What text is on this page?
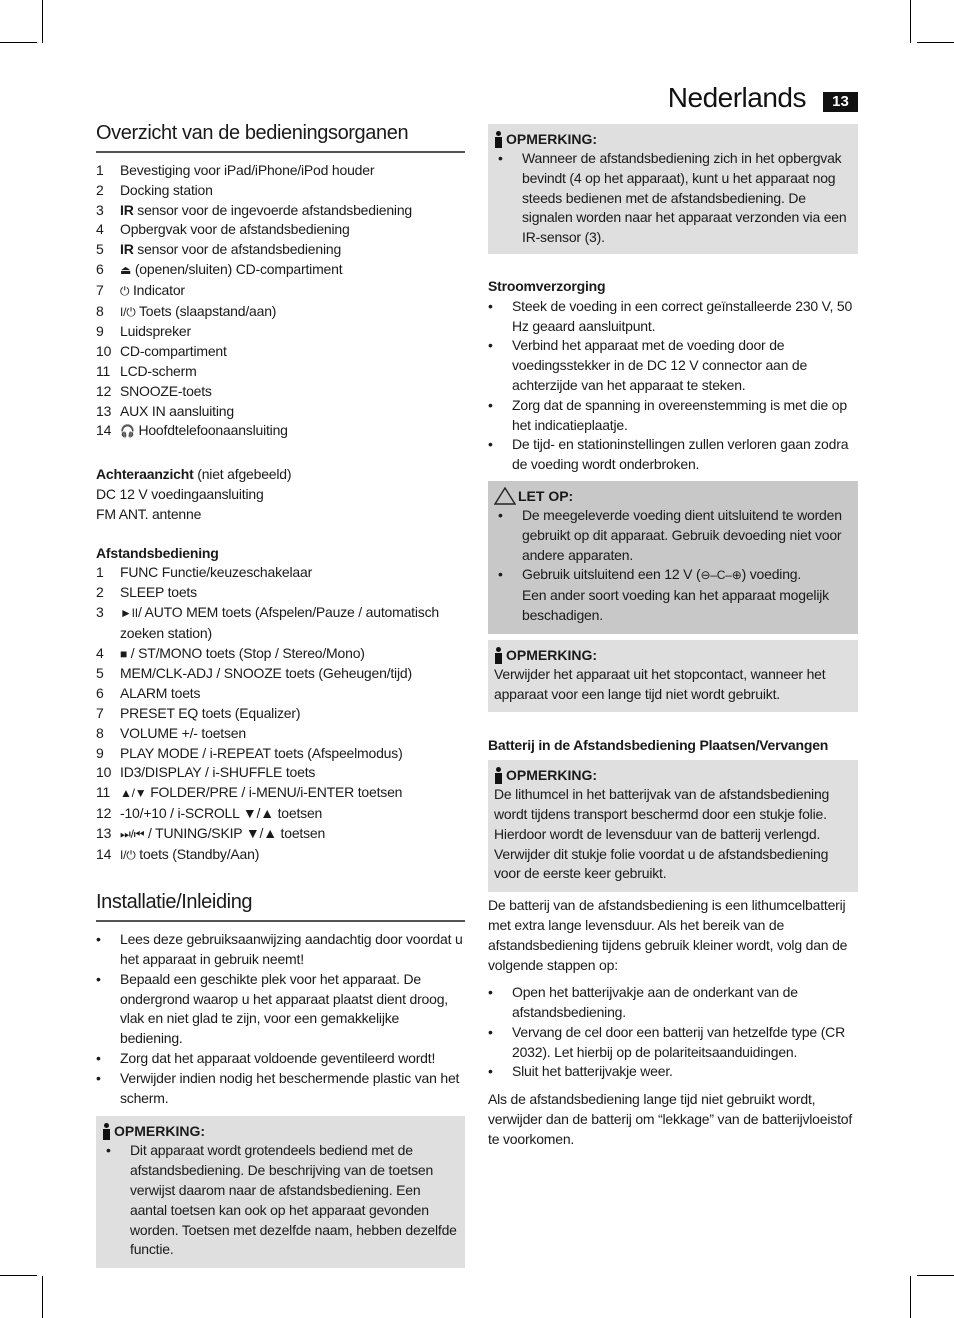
Nederlands	13
Overzicht van de bedieningsorganen
1	Bevestiging voor iPad/iPhone/iPod houder
2	Docking station
3	IR sensor voor de ingevoerde afstandsbediening
4	Opbergvak voor de afstandsbediening
5	IR sensor voor de afstandsbediening
6	⏏ (openen/sluiten) CD-compartiment
7	⏻ Indicator
8	I/⏻ Toets (slaapstand/aan)
9	Luidspreker
10 CD-compartiment
11 LCD-scherm
12 SNOOZE-toets
13 AUX IN aansluiting
14 🎧 Hoofdtelefoonaansluiting
Achteraanzicht (niet afgebeeld)
DC 12 V voedingaansluiting
FM ANT. antenne
Afstandsbediening
1	FUNC Functie/keuzeschakelaar
2	SLEEP toets
3	►II/ AUTO MEM toets (Afspelen/Pauze / automatisch zoeken station)
4	■ / ST/MONO toets (Stop / Stereo/Mono)
5	MEM/CLK-ADJ / SNOOZE toets (Geheugen/tijd)
6	ALARM toets
7	PRESET EQ toets (Equalizer)
8	VOLUME +/- toetsen
9	PLAY MODE / i-REPEAT toets (Afspeelmodus)
10 ID3/DISPLAY / i-SHUFFLE toets
11 ▲/▼ FOLDER/PRE / i-MENU/i-ENTER toetsen
12 -10/+10 / i-SCROLL ▼/▲ toetsen
13 ⏭/⏮ / TUNING/SKIP ▼/▲ toetsen
14 I/⏻ toets (Standby/Aan)
Installatie/Inleiding
•	Lees deze gebruiksaanwijzing aandachtig door voordat u het apparaat in gebruik neemt!
•	Bepaald een geschikte plek voor het apparaat. De ondergrond waarop u het apparaat plaatst dient droog, vlak en niet glad te zijn, voor een gemakkelijke bediening.
•	Zorg dat het apparaat voldoende geventileerd wordt!
•	Verwijder indien nodig het beschermende plastic van het scherm.
OPMERKING:
•	Dit apparaat wordt grotendeels bediend met de afstandsbediening. De beschrijving van de toetsen verwijst daarom naar de afstandsbediening. Een aantal toetsen kan ook op het apparaat gevonden worden. Toetsen met dezelfde naam, hebben dezelfde functie.
OPMERKING:
•	Wanneer de afstandsbediening zich in het opbergvak bevindt (4 op het apparaat), kunt u het apparaat nog steeds bedienen met de afstandsbediening. De signalen worden naar het apparaat verzonden via een IR-sensor (3).
Stroomverzorging
•	Steek de voeding in een correct geïnstalleerde 230 V, 50 Hz geaard aansluitpunt.
•	Verbind het apparaat met de voeding door de voedingsstekker in de DC 12 V connector aan de achterzijde van het apparaat te steken.
•	Zorg dat de spanning in overeenstemming is met die op het indicatieplaatje.
•	De tijd- en stationinstellingen zullen verloren gaan zodra de voeding wordt onderbroken.
LET OP:
•	De meegeleverde voeding dient uitsluitend te worden gebruikt op dit apparaat. Gebruik devoeding niet voor andere apparaten.
•	Gebruik uitsluitend een 12 V (⊖–C–⊕) voeding.
Een ander soort voeding kan het apparaat mogelijk beschadigen.
OPMERKING:
Verwijder het apparaat uit het stopcontact, wanneer het apparaat voor een lange tijd niet wordt gebruikt.
Batterij in de Afstandsbediening Plaatsen/Vervangen
OPMERKING:
De lithumcel in het batterijvak van de afstandsbediening wordt tijdens transport beschermd door een stukje folie. Hierdoor wordt de levensduur van de batterij verlengd. Verwijder dit stukje folie voordat u de afstandsbediening voor de eerste keer gebruikt.
De batterij van de afstandsbediening is een lithumcelbatterij met extra lange levensduur. Als het bereik van de afstandsbediening tijdens gebruik kleiner wordt, volg dan de volgende stappen op:
•	Open het batterijvakje aan de onderkant van de afstandsbediening.
•	Vervang de cel door een batterij van hetzelfde type (CR 2032). Let hierbij op de polariteitsaanduidingen.
•	Sluit het batterijvakje weer.
Als de afstandsbediening lange tijd niet gebruikt wordt, verwijder dan de batterij om “lekkage” van de batterijvloeistof te voorkomen.
